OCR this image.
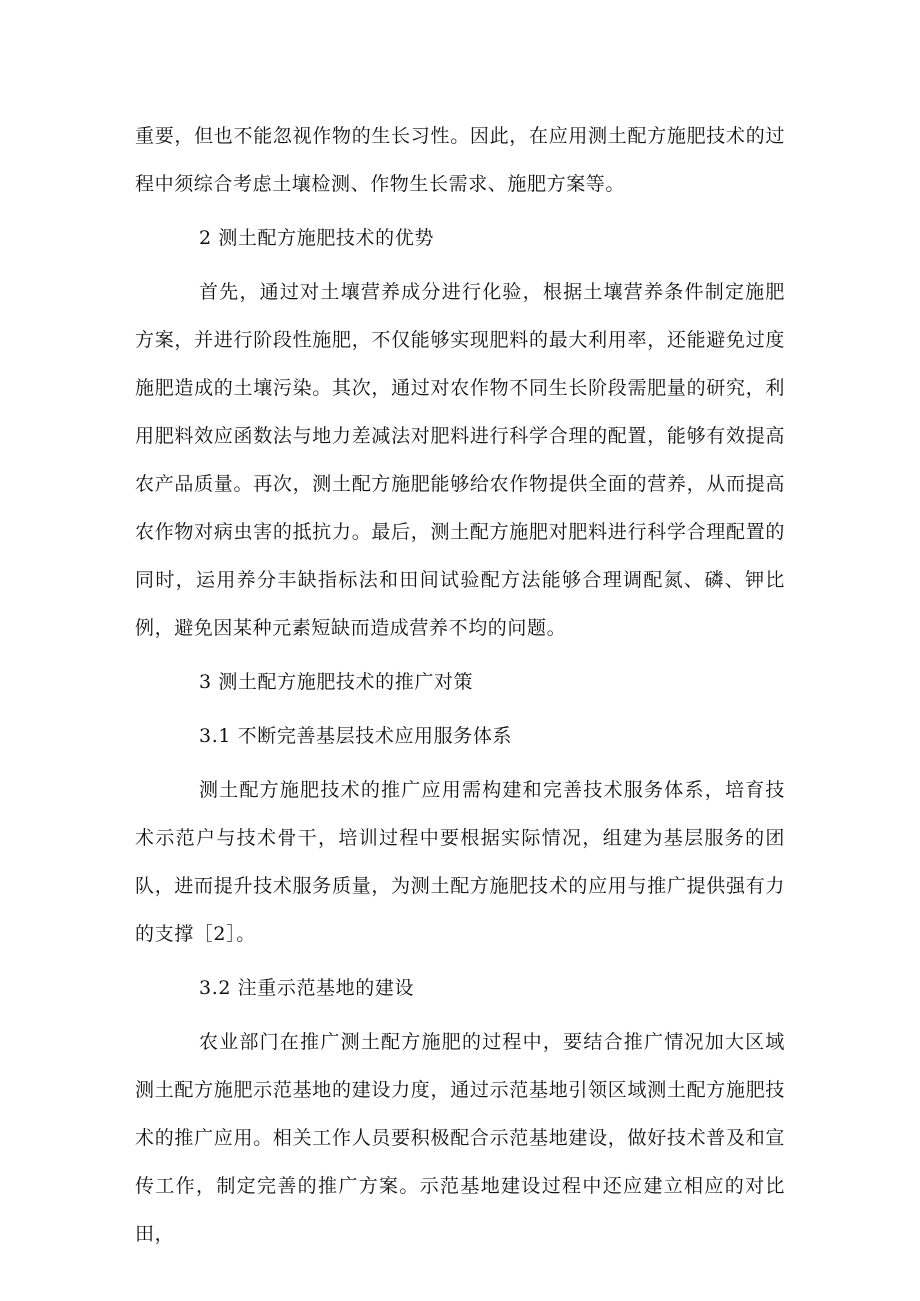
重要，但也不能忽视作物的生长习性。因此，在应用测土配方施肥技术的过程中须综合考虑土壤检测、作物生长需求、施肥方案等。

2 测土配方施肥技术的优势

首先，通过对土壤营养成分进行化验，根据土壤营养条件制定施肥方案，并进行阶段性施肥，不仅能够实现肥料的最大利用率，还能避免过度施肥造成的土壤污染。其次，通过对农作物不同生长阶段需肥量的研究，利用肥料效应函数法与地力差减法对肥料进行科学合理的配置，能够有效提高农产品质量。再次，测土配方施肥能够给农作物提供全面的营养，从而提高农作物对病虫害的抵抗力。最后，测土配方施肥对肥料进行科学合理配置的同时，运用养分丰缺指标法和田间试验配方法能够合理调配氮、磷、钾比例，避免因某种元素短缺而造成营养不均的问题。

3 测土配方施肥技术的推广对策

3.1 不断完善基层技术应用服务体系

测土配方施肥技术的推广应用需构建和完善技术服务体系，培育技术示范户与技术骨干，培训过程中要根据实际情况，组建为基层服务的团队，进而提升技术服务质量，为测土配方施肥技术的应用与推广提供强有力的支撑［2］。

3.2 注重示范基地的建设

农业部门在推广测土配方施肥的过程中，要结合推广情况加大区域测土配方施肥示范基地的建设力度，通过示范基地引领区域测土配方施肥技术的推广应用。相关工作人员要积极配合示范基地建设，做好技术普及和宣传工作，制定完善的推广方案。示范基地建设过程中还应建立相应的对比田，
